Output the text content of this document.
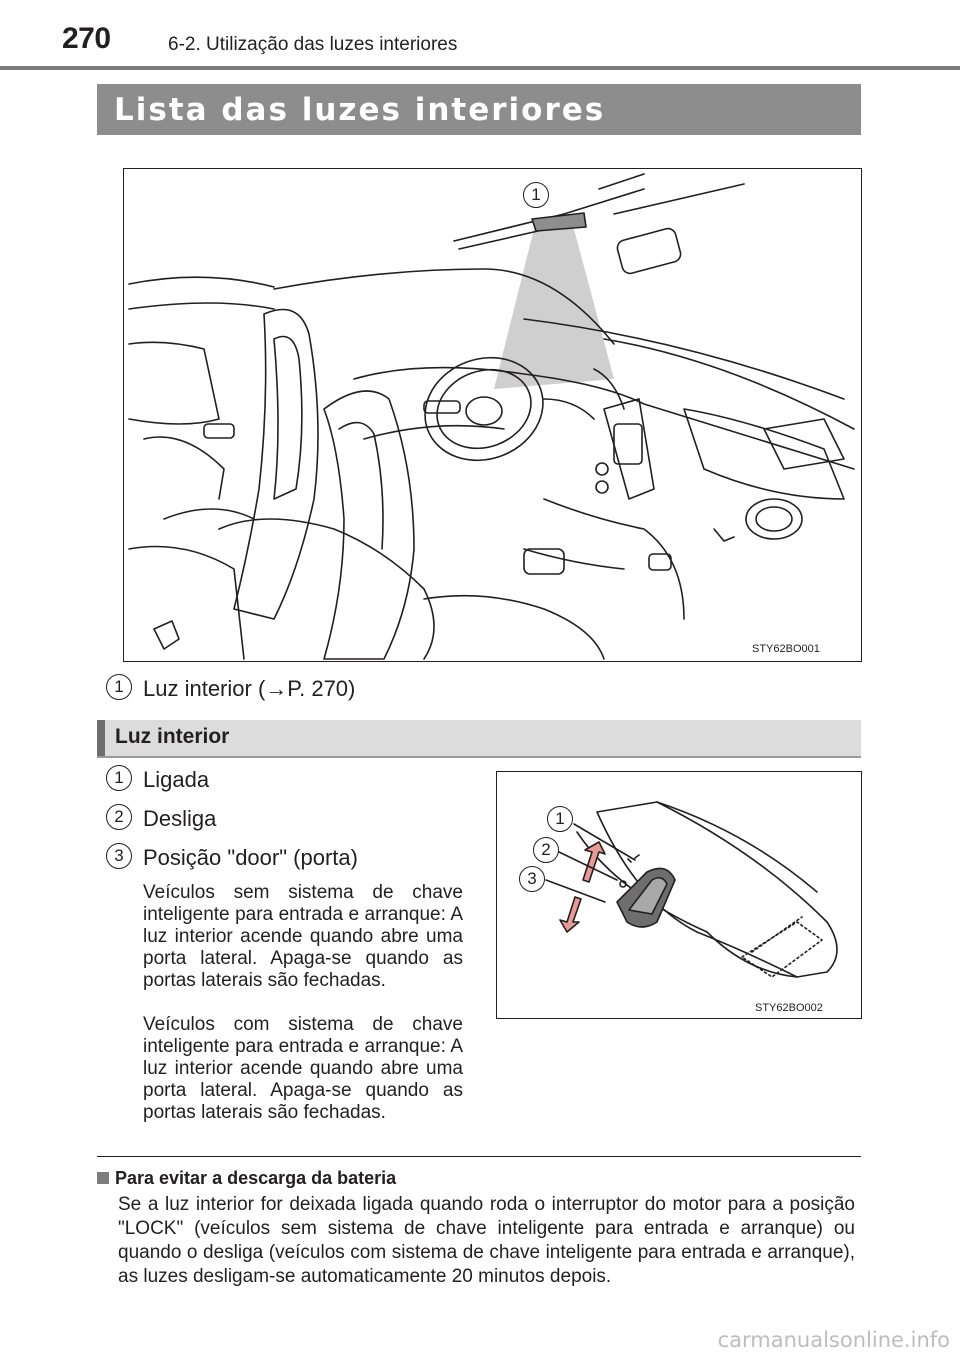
270	6-2. Utilização das luzes interiores
Lista das luzes interiores
1
STY62BO001
1 Luz interior (→P. 270)
Luz interior
1 Ligada
2 Desliga
3 Posição "door" (porta)
Veículos sem sistema de chave inteligente para entrada e arranque: A luz interior acende quando abre uma porta lateral. Apaga-se quando as portas laterais são fechadas.
Veículos com sistema de chave inteligente para entrada e arranque: A luz interior acende quando abre uma porta lateral. Apaga-se quando as portas laterais são fechadas.
1
2
3
STY62BO002
Para evitar a descarga da bateria
Se a luz interior for deixada ligada quando roda o interruptor do motor para a posição "LOCK" (veículos sem sistema de chave inteligente para entrada e arranque) ou quando o desliga (veículos com sistema de chave inteligente para entrada e arranque), as luzes desligam-se automaticamente 20 minutos depois.
carmanualsonline.info
